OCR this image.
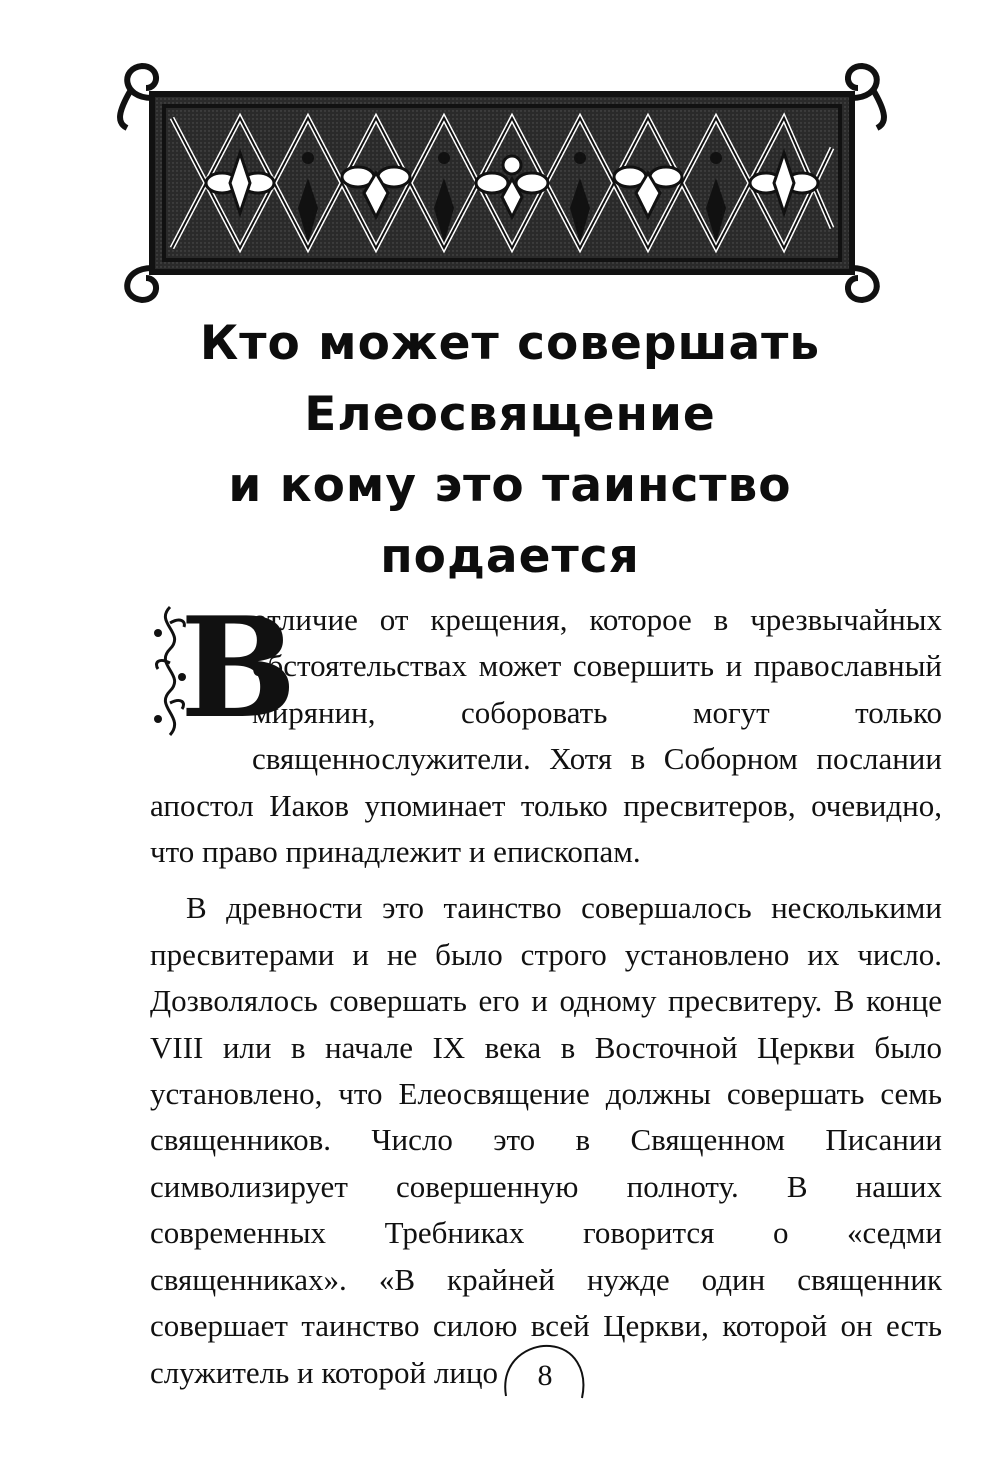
Кто может совершать
Елеосвящение
и кому это таинство
подается

В
отличие от крещения, которое в чрезвычайных обстоятельствах может совершить и православный мирянин, соборовать могут только священнослужители. Хотя в Соборном послании апостол Иаков упоминает только пресвитеров, очевидно, что право принадлежит и епископам.

В древности это таинство совершалось несколькими пресвитерами и не было строго установлено их число. Дозволялось совершать его и одному пресвитеру. В конце VIII или в начале IX века в Восточной Церкви было установлено, что Елеосвящение должны совершать семь священников. Число это в Священном Писании символизирует совершенную полноту. В наших современных Требниках говорится о «седми священниках». «В крайней нужде один священник совершает таинство силою всей Церкви, которой он есть служитель и которой лицо	8
